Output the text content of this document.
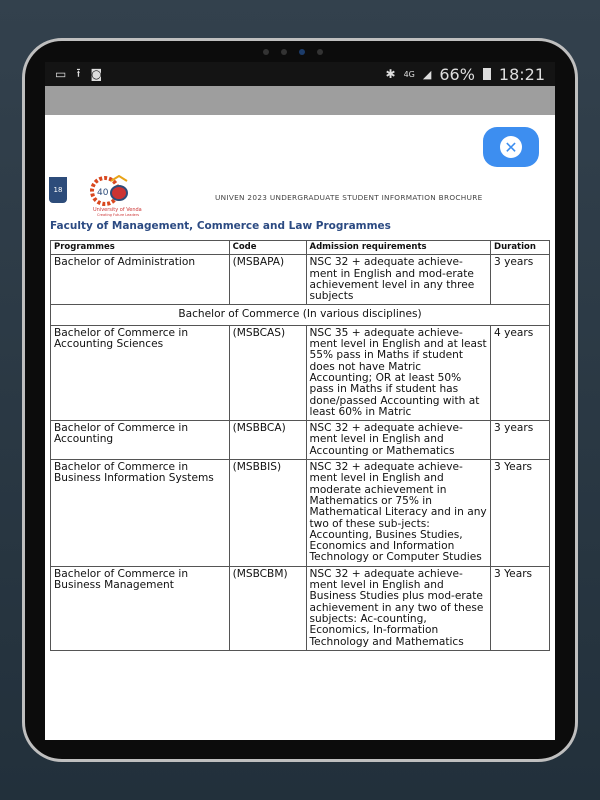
▭ ⭱ ◙	✱ 4G ◢ 66% 18:21
✕
18	40
University of Venda
Creating Future Leaders
UNIVEN 2023 UNDERGRADUATE STUDENT INFORMATION BROCHURE
Faculty of Management, Commerce and Law Programmes
Programmes	Code	Admission requirements	Duration
Bachelor of Administration	(MSBAPA)	NSC 32 + adequate achieve-ment in English and mod-erate achievement level in any three subjects	3 years
Bachelor of Commerce (In various disciplines)			
Bachelor of Commerce in Accounting Sciences	(MSBCAS)	NSC 35 + adequate achieve-ment level in English and at least 55% pass in Maths if student does not have Matric Accounting; OR at least 50% pass in Maths if student has done/passed Accounting with at least 60% in Matric	4 years
Bachelor of Commerce in Accounting	(MSBBCA)	NSC 32 + adequate achieve-ment level in English and Accounting or Mathematics	3 years
Bachelor of Commerce in Business Information Systems	(MSBBIS)	NSC 32 + adequate achieve-ment level in English and moderate achievement in Mathematics or 75% in Mathematical Literacy and in any two of these sub-jects: Accounting, Busines Studies, Economics and Information Technology or Computer Studies	3 Years
Bachelor of Commerce in Business Management	(MSBCBM)	NSC 32 + adequate achieve-ment level in English and Business Studies plus mod-erate achievement in any two of these subjects: Ac-counting, Economics, In-formation Technology and Mathematics	3 Years
